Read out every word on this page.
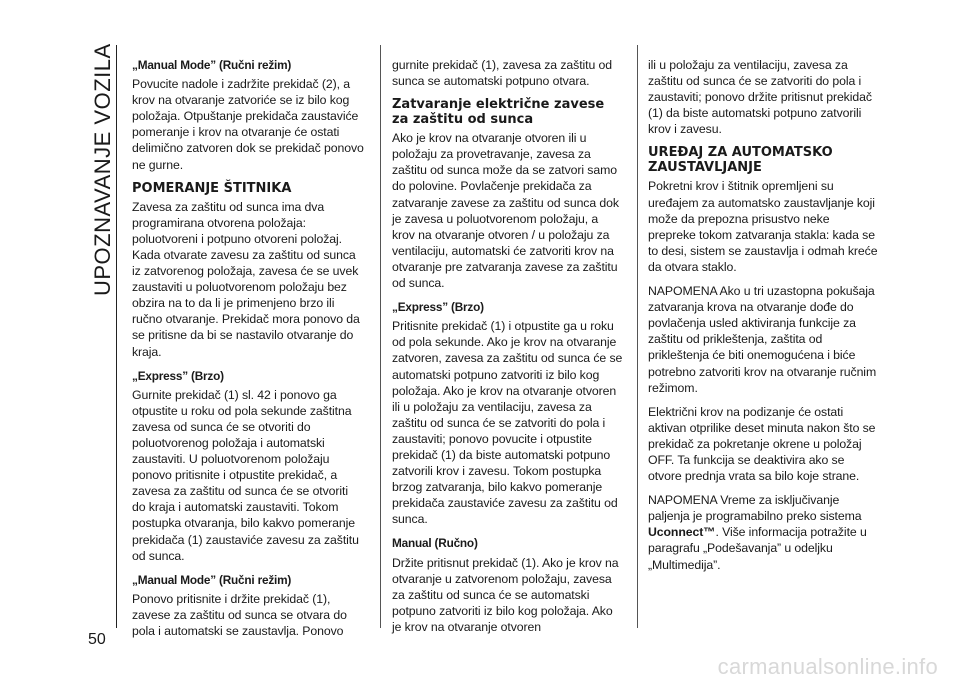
UPOZNAVANJE VOZILA
50
„Manual Mode” (Ručni režim)

Povucite nadole i zadržite prekidač (2), a krov na otvaranje zatvoriće se iz bilo kog položaja. Otpuštanje prekidača zaustaviće pomeranje i krov na otvaranje će ostati delimično zatvoren dok se prekidač ponovo ne gurne.

POMERANJE ŠTITNIKA

Zavesa za zaštitu od sunca ima dva programirana otvorena položaja: poluotvoreni i potpuno otvoreni položaj. Kada otvarate zavesu za zaštitu od sunca iz zatvorenog položaja, zavesa će se uvek zaustaviti u poluotvorenom položaju bez obzira na to da li je primenjeno brzo ili ručno otvaranje. Prekidač mora ponovo da se pritisne da bi se nastavilo otvaranje do kraja.

„Express” (Brzo)

Gurnite prekidač (1) sl. 42 i ponovo ga otpustite u roku od pola sekunde zaštitna zavesa od sunca će se otvoriti do poluotvorenog položaja i automatski zaustaviti. U poluotvorenom položaju ponovo pritisnite i otpustite prekidač, a zavesa za zaštitu od sunca će se otvoriti do kraja i automatski zaustaviti. Tokom postupka otvaranja, bilo kakvo pomeranje prekidača (1) zaustaviće zavesu za zaštitu od sunca.

„Manual Mode” (Ručni režim)

Ponovo pritisnite i držite prekidač (1), zavese za zaštitu od sunca se otvara do pola i automatski se zaustavlja. Ponovo

gurnite prekidač (1), zavesa za zaštitu od sunca se automatski potpuno otvara.

Zatvaranje električne zavese za zaštitu od sunca

Ako je krov na otvaranje otvoren ili u položaju za provetravanje, zavesa za zaštitu od sunca može da se zatvori samo do polovine. Povlačenje prekidača za zatvaranje zavese za zaštitu od sunca dok je zavesa u poluotvorenom položaju, a krov na otvaranje otvoren / u položaju za ventilaciju, automatski će zatvoriti krov na otvaranje pre zatvaranja zavese za zaštitu od sunca.

„Express” (Brzo)

Pritisnite prekidač (1) i otpustite ga u roku od pola sekunde. Ako je krov na otvaranje zatvoren, zavesa za zaštitu od sunca će se automatski potpuno zatvoriti iz bilo kog položaja. Ako je krov na otvaranje otvoren ili u položaju za ventilaciju, zavesa za zaštitu od sunca će se zatvoriti do pola i zaustaviti; ponovo povucite i otpustite prekidač (1) da biste automatski potpuno zatvorili krov i zavesu. Tokom postupka brzog zatvaranja, bilo kakvo pomeranje prekidača zaustaviće zavesu za zaštitu od sunca.

Manual (Ručno)

Držite pritisnut prekidač (1). Ako je krov na otvaranje u zatvorenom položaju, zavesa za zaštitu od sunca će se automatski potpuno zatvoriti iz bilo kog položaja. Ako je krov na otvaranje otvoren

ili u položaju za ventilaciju, zavesa za zaštitu od sunca će se zatvoriti do pola i zaustaviti; ponovo držite pritisnut prekidač (1) da biste automatski potpuno zatvorili krov i zavesu.

UREĐAJ ZA AUTOMATSKO ZAUSTAVLJANJE

Pokretni krov i štitnik opremljeni su uređajem za automatsko zaustavljanje koji može da prepozna prisustvo neke prepreke tokom zatvaranja stakla: kada se to desi, sistem se zaustavlja i odmah kreće da otvara staklo.

NAPOMENA Ako u tri uzastopna pokušaja zatvaranja krova na otvaranje dođe do povlačenja usled aktiviranja funkcije za zaštitu od prikleštenja, zaštita od prikleštenja će biti onemogućena i biće potrebno zatvoriti krov na otvaranje ručnim režimom.

Električni krov na podizanje će ostati aktivan otprilike deset minuta nakon što se prekidač za pokretanje okrene u položaj OFF. Ta funkcija se deaktivira ako se otvore prednja vrata sa bilo koje strane.

NAPOMENA Vreme za isključivanje paljenja je programabilno preko sistema Uconnect™. Više informacija potražite u paragrafu „Podešavanja” u odeljku „Multimedija”.

carmanualsonline.info
